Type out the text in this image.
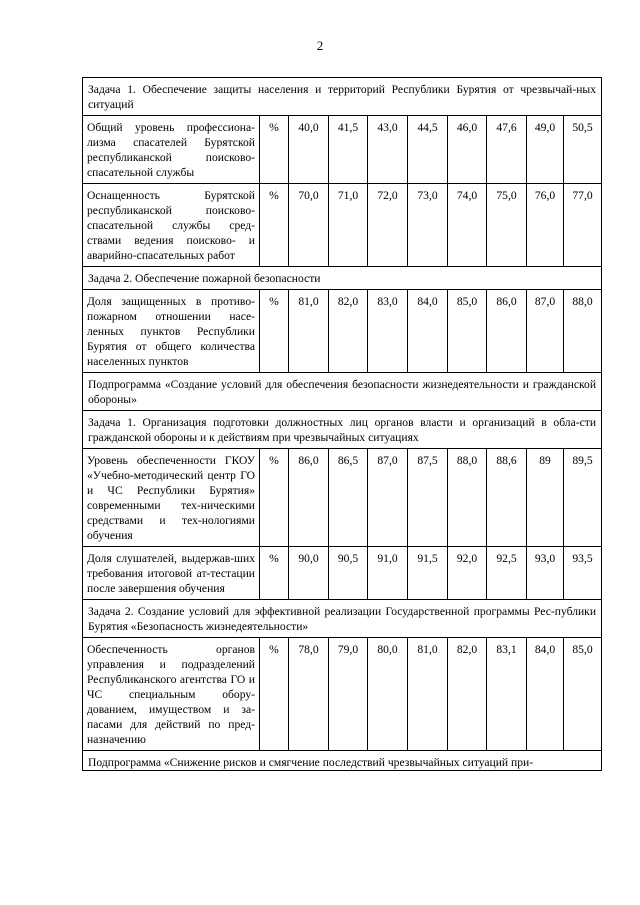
2
Задача 1. Обеспечение защиты населения и территорий Республики Бурятия от чрезвычай-ных ситуаций									
Общий уровень профессиона-лизма спасателей Бурятской республиканской поисково-спасательной службы	%	40,0	41,5	43,0	44,5	46,0	47,6	49,0	50,5
Оснащенность Бурятской республиканской поисково-спасательной службы сред-ствами ведения поисково- и аварийно-спасательных работ	%	70,0	71,0	72,0	73,0	74,0	75,0	76,0	77,0
Задача 2. Обеспечение пожарной безопасности									
Доля защищенных в противо-пожарном отношении насе-ленных пунктов Республики Бурятия от общего количества населенных пунктов	%	81,0	82,0	83,0	84,0	85,0	86,0	87,0	88,0
Подпрограмма «Создание условий для обеспечения безопасности жизнедеятельности и гражданской обороны»									
Задача 1. Организация подготовки должностных лиц органов власти и организаций в обла-сти гражданской обороны и к действиям при чрезвычайных ситуациях									
Уровень обеспеченности ГКОУ «Учебно-методический центр ГО и ЧС Республики Бурятия» современными тех-ническими средствами и тех-нологиями обучения	%	86,0	86,5	87,0	87,5	88,0	88,6	89	89,5
Доля слушателей, выдержав-ших требования итоговой ат-тестации после завершения обучения	%	90,0	90,5	91,0	91,5	92,0	92,5	93,0	93,5
Задача 2. Создание условий для эффективной реализации Государственной программы Рес-публики Бурятия «Безопасность жизнедеятельности»									
Обеспеченность органов управления и подразделений Республиканского агентства ГО и ЧС специальным обору-дованием, имуществом и за-пасами для действий по пред-назначению	%	78,0	79,0	80,0	81,0	82,0	83,1	84,0	85,0
Подпрограмма «Снижение рисков и смягчение последствий чрезвычайных ситуаций при-									
